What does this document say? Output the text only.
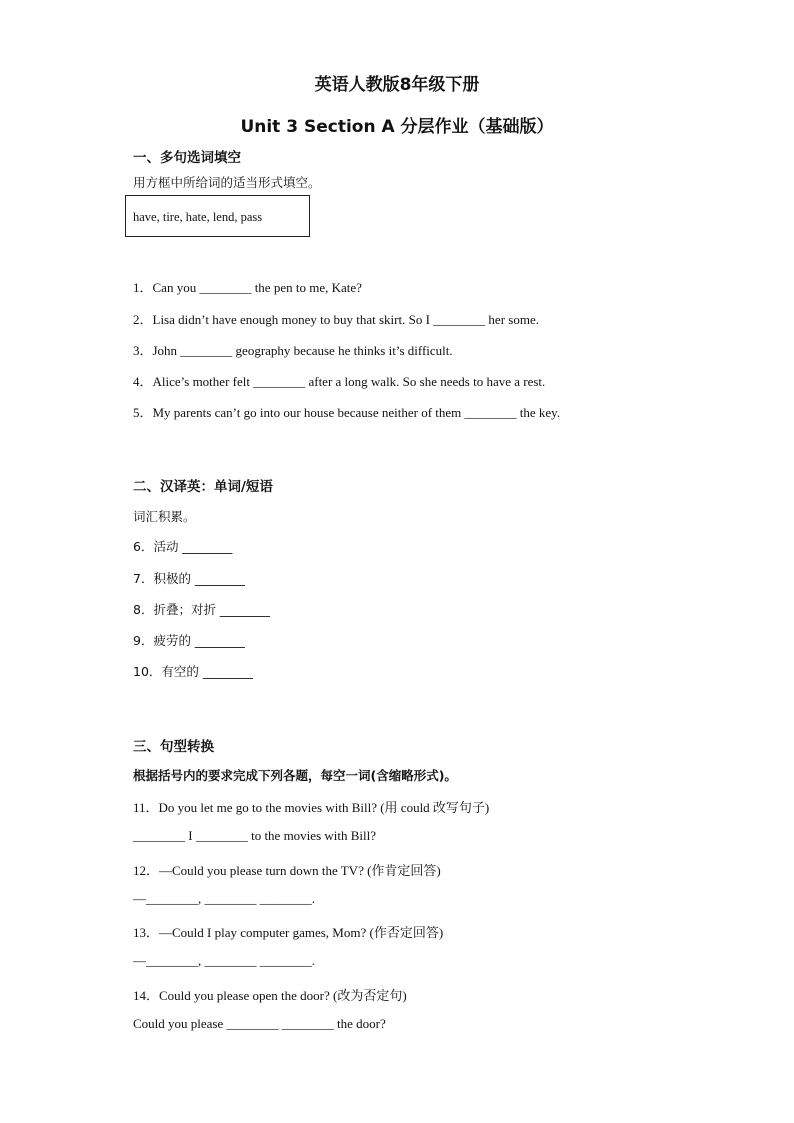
英语人教版8年级下册
Unit 3 Section A 分层作业（基础版）
一、多句选词填空
用方框中所给词的适当形式填空。
have, tire, hate, lend, pass
1．Can you ________ the pen to me, Kate?
2．Lisa didn’t have enough money to buy that skirt. So I ________ her some.
3．John ________ geography because he thinks it’s difficult.
4．Alice’s mother felt ________ after a long walk. So she needs to have a rest.
5．My parents can’t go into our house because neither of them ________ the key.
二、汉译英：单词/短语
词汇积累。
6．活动 ________
7．积极的 ________
8．折叠；对折 ________
9．疲劳的 ________
10．有空的 ________
三、句型转换
根据括号内的要求完成下列各题，每空一词(含缩略形式)。
11．Do you let me go to the movies with Bill? (用 could 改写句子)
________ I ________ to the movies with Bill?
12．—Could you please turn down the TV? (作肯定回答)
—________, ________ ________.
13．—Could I play computer games, Mom? (作否定回答)
—________, ________ ________.
14．Could you please open the door? (改为否定句)
Could you please ________ ________ the door?
